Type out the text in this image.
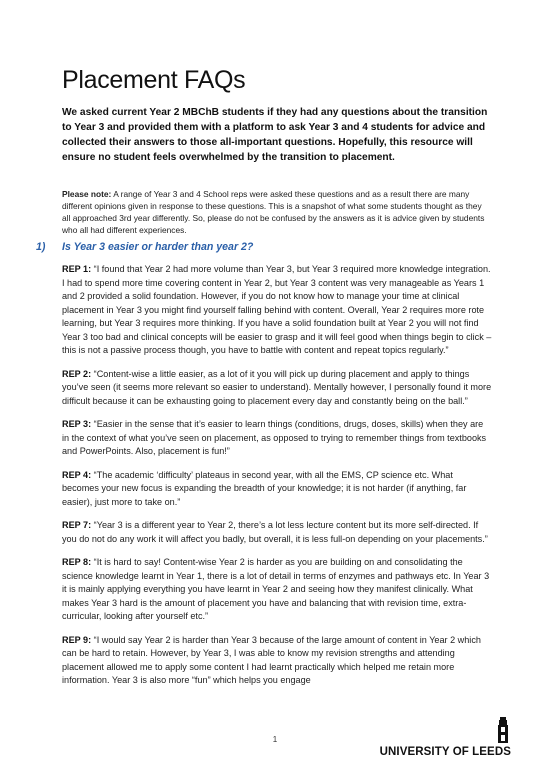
Placement FAQs

We asked current Year 2 MBChB students if they had any questions about the transition to Year 3 and provided them with a platform to ask Year 3 and 4 students for advice and collected their answers to those all-important questions. Hopefully, this resource will ensure no student feels overwhelmed by the transition to placement.

Please note: A range of Year 3 and 4 School reps were asked these questions and as a result there are many different opinions given in response to these questions. This is a snapshot of what some students thought as they all approached 3rd year differently. So, please do not be confused by the answers as it is advice given by students who all had different experiences.

1) Is Year 3 easier or harder than year 2?

REP 1: “I found that Year 2 had more volume than Year 3, but Year 3 required more knowledge integration. I had to spend more time covering content in Year 2, but Year 3 content was very manageable as Years 1 and 2 provided a solid foundation. However, if you do not know how to manage your time at clinical placement in Year 3 you might find yourself falling behind with content. Overall, Year 2 requires more rote learning, but Year 3 requires more thinking. If you have a solid foundation built at Year 2 you will not find Year 3 too bad and clinical concepts will be easier to grasp and it will feel good when things begin to click – this is not a passive process though, you have to battle with content and repeat topics regularly.”

REP 2: “Content-wise a little easier, as a lot of it you will pick up during placement and apply to things you’ve seen (it seems more relevant so easier to understand). Mentally however, I personally found it more difficult because it can be exhausting going to placement every day and constantly being on the ball.”

REP 3: “Easier in the sense that it’s easier to learn things (conditions, drugs, doses, skills) when they are in the context of what you’ve seen on placement, as opposed to trying to remember things from textbooks and PowerPoints. Also, placement is fun!”

REP 4: “The academic ‘difficulty’ plateaus in second year, with all the EMS, CP science etc. What becomes your new focus is expanding the breadth of your knowledge; it is not harder (if anything, far easier), just more to take on.”

REP 7: “Year 3 is a different year to Year 2, there’s a lot less lecture content but its more self-directed. If you do not do any work it will affect you badly, but overall, it is less full-on depending on your placements.”

REP 8: “It is hard to say! Content-wise Year 2 is harder as you are building on and consolidating the science knowledge learnt in Year 1, there is a lot of detail in terms of enzymes and pathways etc. In Year 3 it is mainly applying everything you have learnt in Year 2 and seeing how they manifest clinically. What makes Year 3 hard is the amount of placement you have and balancing that with revision time, extra-curricular, looking after yourself etc.”

REP 9: “I would say Year 2 is harder than Year 3 because of the large amount of content in Year 2 which can be hard to retain. However, by Year 3, I was able to know my revision strengths and attending placement allowed me to apply some content I had learnt practically which helped me retain more information. Year 3 is also more “fun” which helps you engage

1
UNIVERSITY OF LEEDS
